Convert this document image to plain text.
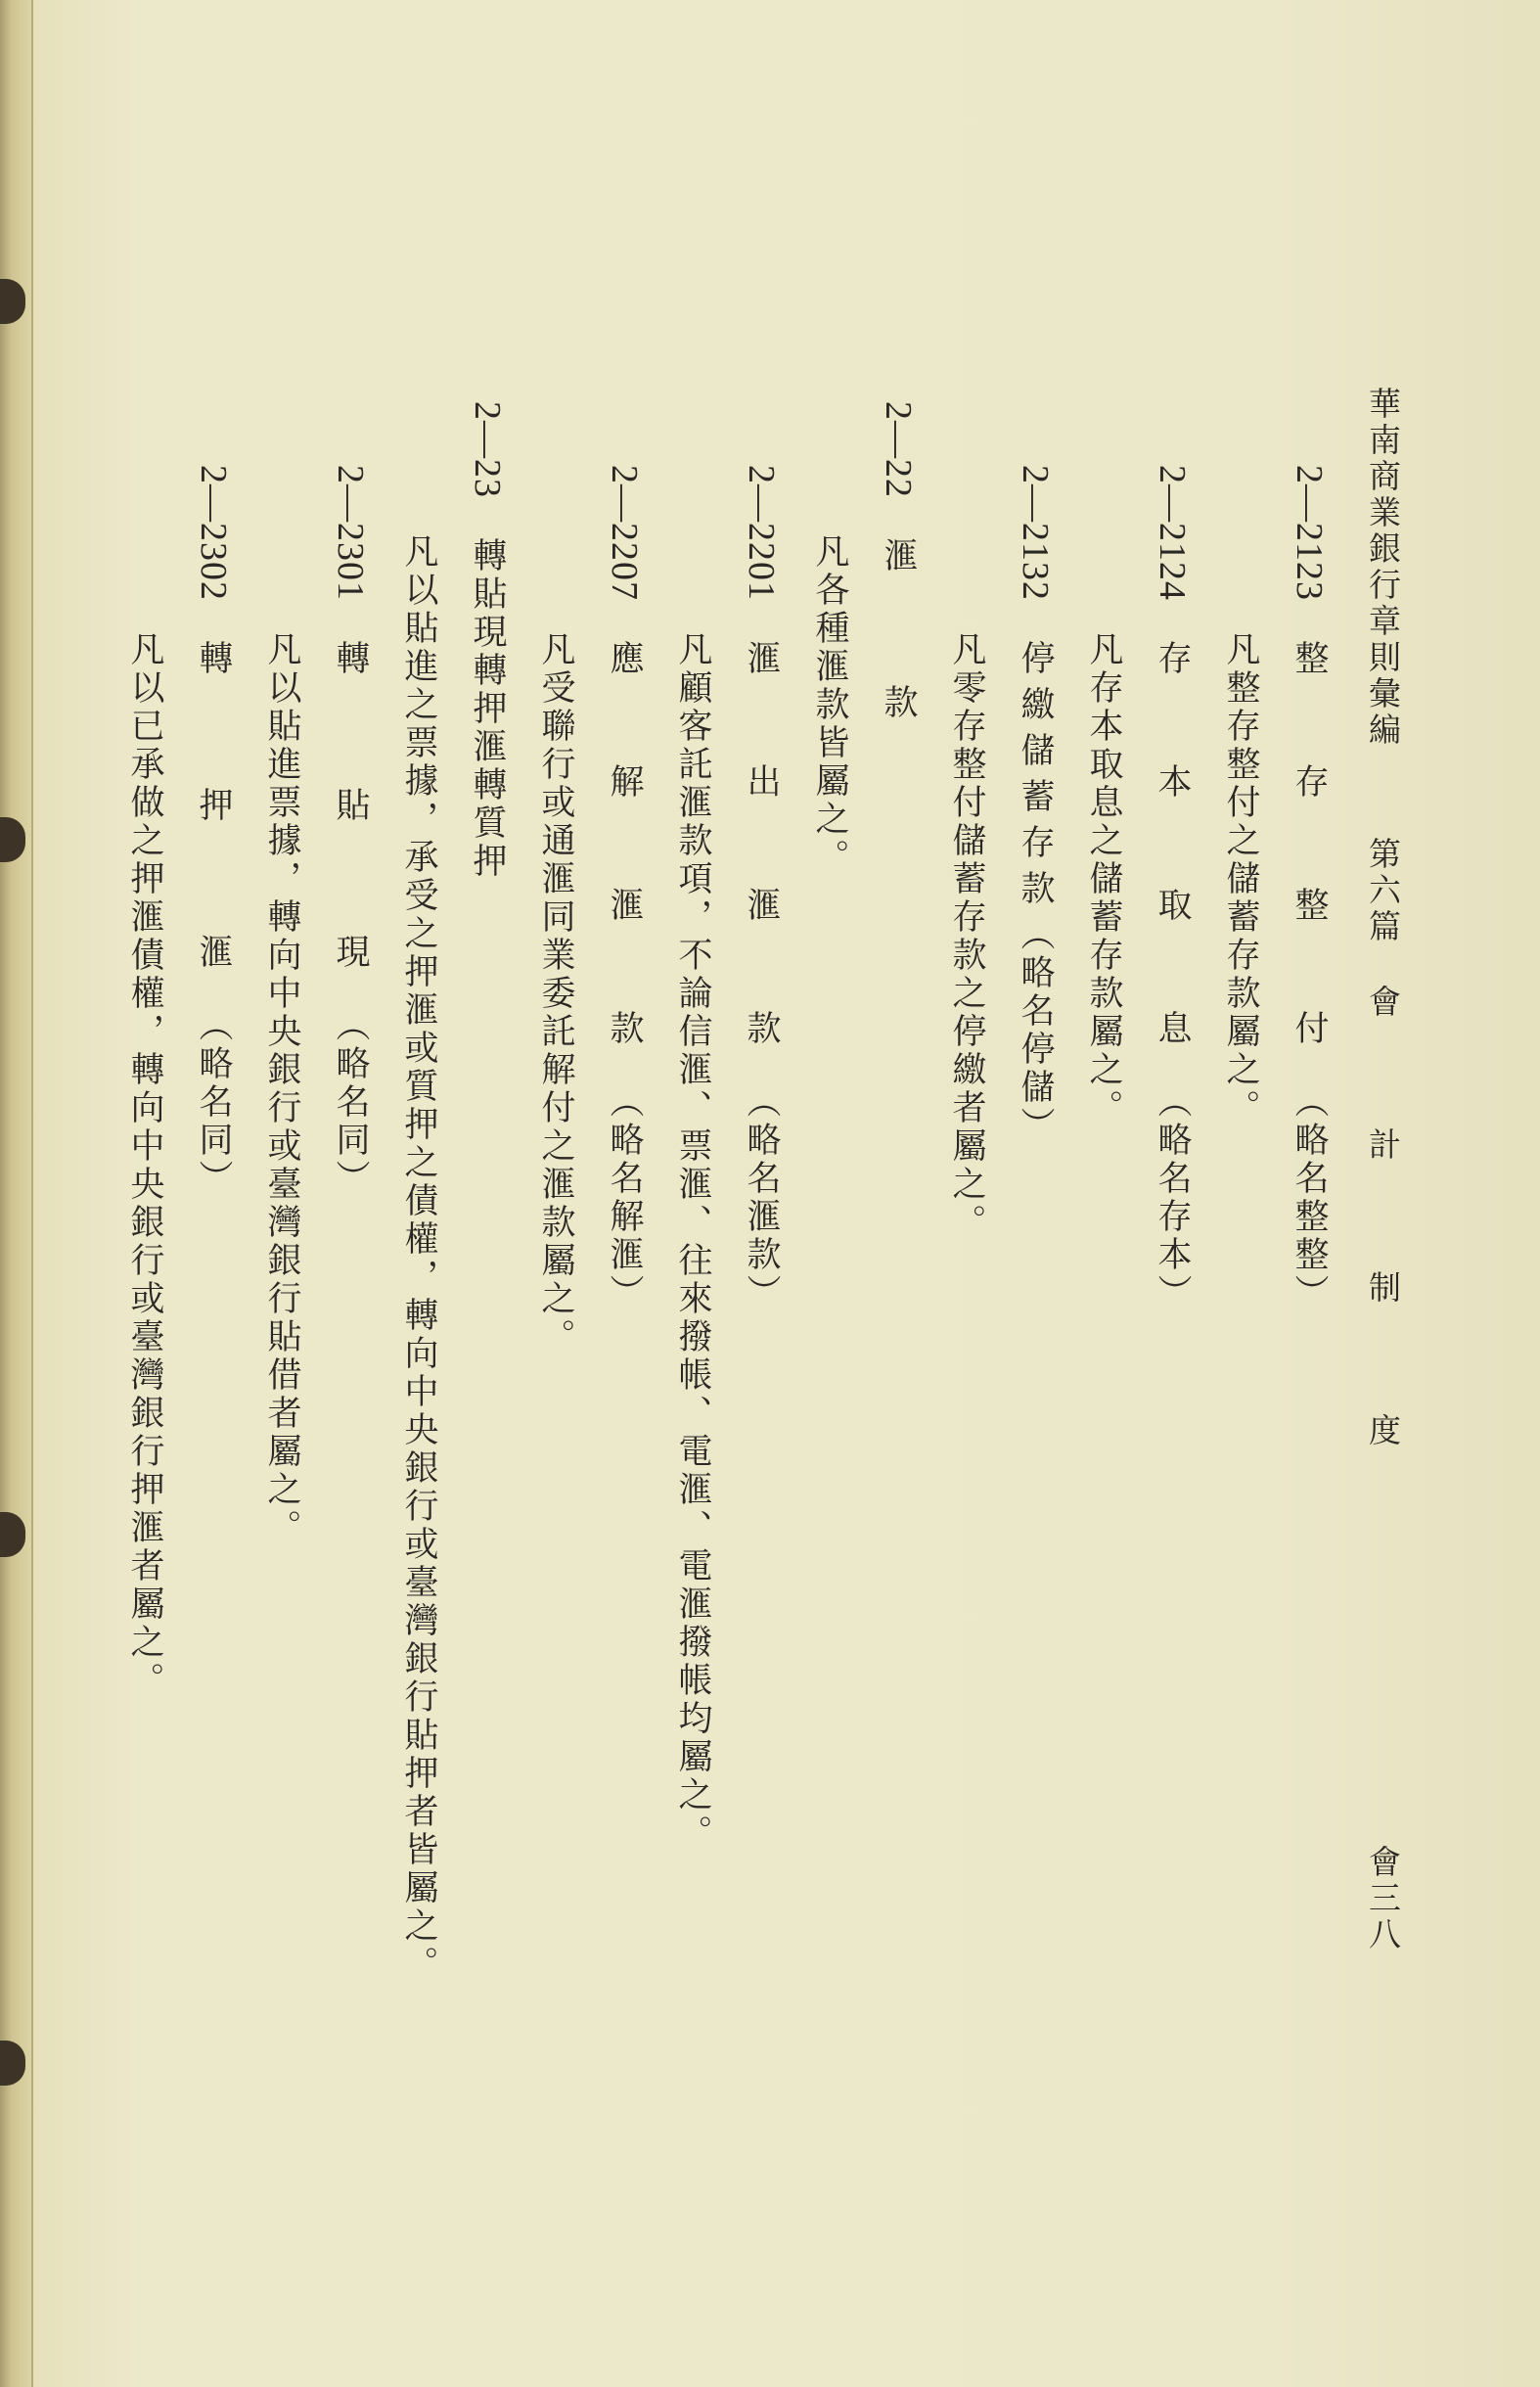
華南商業銀行章則彙編第六篇會　計　制　度
會三八
2—2123整 存 整 付（略名整整）
凡整存整付之儲蓄存款屬之。
2—2124存 本 取 息（略名存本）
凡存本取息之儲蓄存款屬之。
2—2132停繳儲蓄存款（略名停儲）
凡零存整付儲蓄存款之停繳者屬之。
2—22滙　款
凡各種滙款皆屬之。
2—2201滙 出 滙 款（略名滙款）
凡顧客託滙款項，不論信滙、票滙、往來撥帳、電滙、電滙撥帳均屬之。
2—2207應 解 滙 款（略名解滙）
凡受聯行或通滙同業委託解付之滙款屬之。
2—23轉貼現轉押滙轉質押
凡以貼進之票據，承受之押滙或質押之債權，轉向中央銀行或臺灣銀行貼押者皆屬之。
2—2301轉　貼　現（略名同）
凡以貼進票據，轉向中央銀行或臺灣銀行貼借者屬之。
2—2302轉　押　滙（略名同）
凡以已承做之押滙債權，轉向中央銀行或臺灣銀行押滙者屬之。
